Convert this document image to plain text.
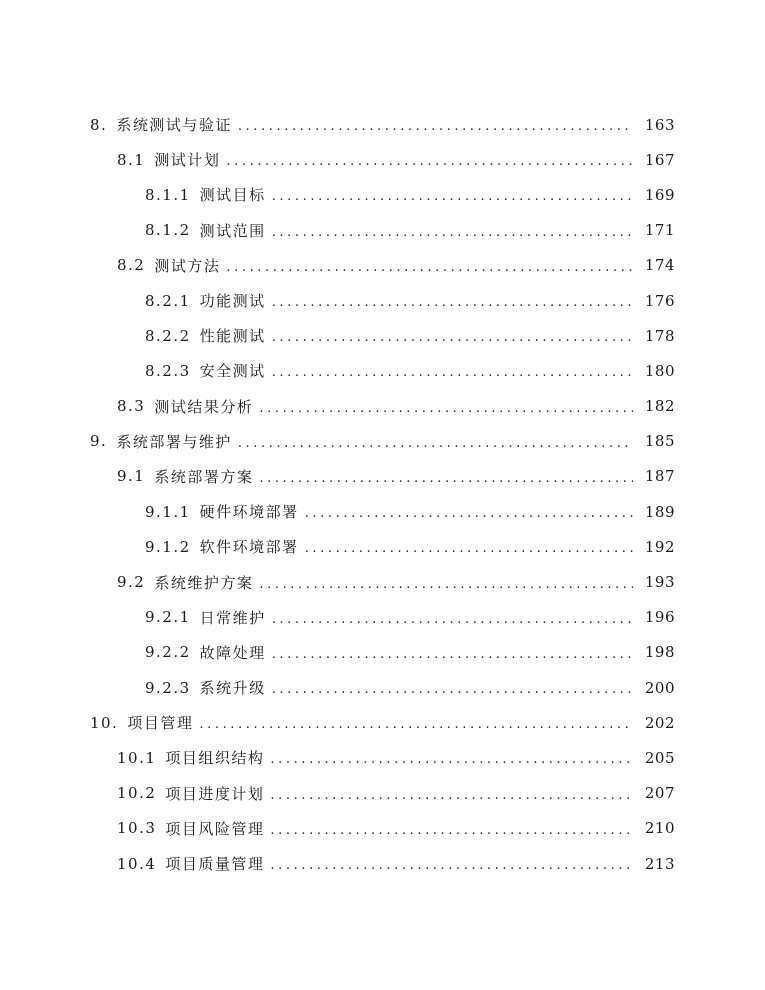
8. 系统测试与验证 .....	163
8.1 测试计划 .....	167
8.1.1 测试目标 .....	169
8.1.2 测试范围 .....	171
8.2 测试方法 .....	174
8.2.1 功能测试 .....	176
8.2.2 性能测试 .....	178
8.2.3 安全测试 .....	180
8.3 测试结果分析 .....	182
9. 系统部署与维护 .....	185
9.1 系统部署方案 .....	187
9.1.1 硬件环境部署 .....	189
9.1.2 软件环境部署 .....	192
9.2 系统维护方案 .....	193
9.2.1 日常维护 .....	196
9.2.2 故障处理 .....	198
9.2.3 系统升级 .....	200
10. 项目管理 .....	202
10.1 项目组织结构 .....	205
10.2 项目进度计划 .....	207
10.3 项目风险管理 .....	210
10.4 项目质量管理 .....	213
